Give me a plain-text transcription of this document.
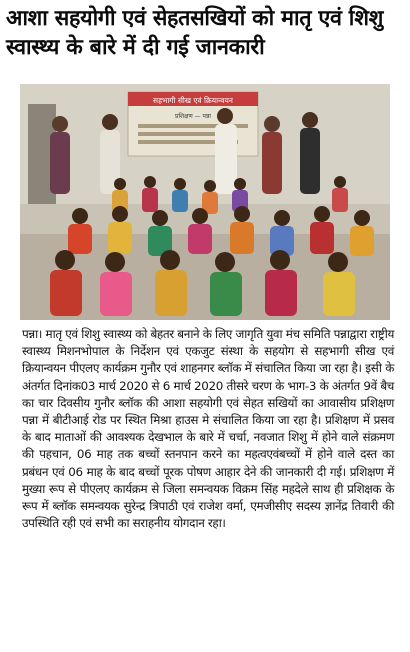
आशा सहयोगी एवं सेहतसखियों को मातृ एवं शिशु स्वास्थ्य के बारे में दी गई जानकारी
सहभागी सीख एवं क्रियान्वयन
प्रशिक्षण — पन्ना

पन्ना। मातृ एवं शिशु स्वास्थ्य को बेहतर बनाने के लिए जागृति युवा मंच समिति पन्नाद्वारा राष्ट्रीय स्वास्थ्य मिशनभोपाल के निर्देशन एवं एकजुट संस्था के सहयोग से सहभागी सीख एवं क्रियान्वयन पीएलए कार्यक्रम गुनौर एवं शाहनगर ब्लॉक में संचालित किया जा रहा है। इसी के अंतर्गत दिनांक03 मार्च 2020 से 6 मार्च 2020 तीसरे चरण के भाग-3 के अंतर्गत 9वें बैच का चार दिवसीय गुनौर ब्लॉक की आशा सहयोगी एवं सेहत सखियों का आवासीय प्रशिक्षण पन्ना में बीटीआई रोड पर स्थित मिश्रा हाउस मे संचालित किया जा रहा है। प्रशिक्षण में प्रसव के बाद माताओं की आवश्यक देखभाल के बारे में चर्चा, नवजात शिशु में होने वाले संक्रमण की पहचान, 06 माह तक बच्चों स्तनपान करने का महत्वएवंबच्चों में होने वाले दस्त का प्रबंधन एवं 06 माह के बाद बच्चों पूरक पोषण आहार देने की जानकारी दी गई। प्रशिक्षण में मुख्या रूप से पीएलए कार्यक्रम से जिला समन्वयक विक्रम सिंह महदेले साथ ही प्रशिक्षक के रूप में ब्लॉक समन्वयक सुरेन्द्र त्रिपाठी एवं राजेश वर्मा, एमजीसीए सदस्य ज्ञानेंद्र तिवारी की उपस्थिति रही एवं सभी का सराहनीय योगदान रहा।
